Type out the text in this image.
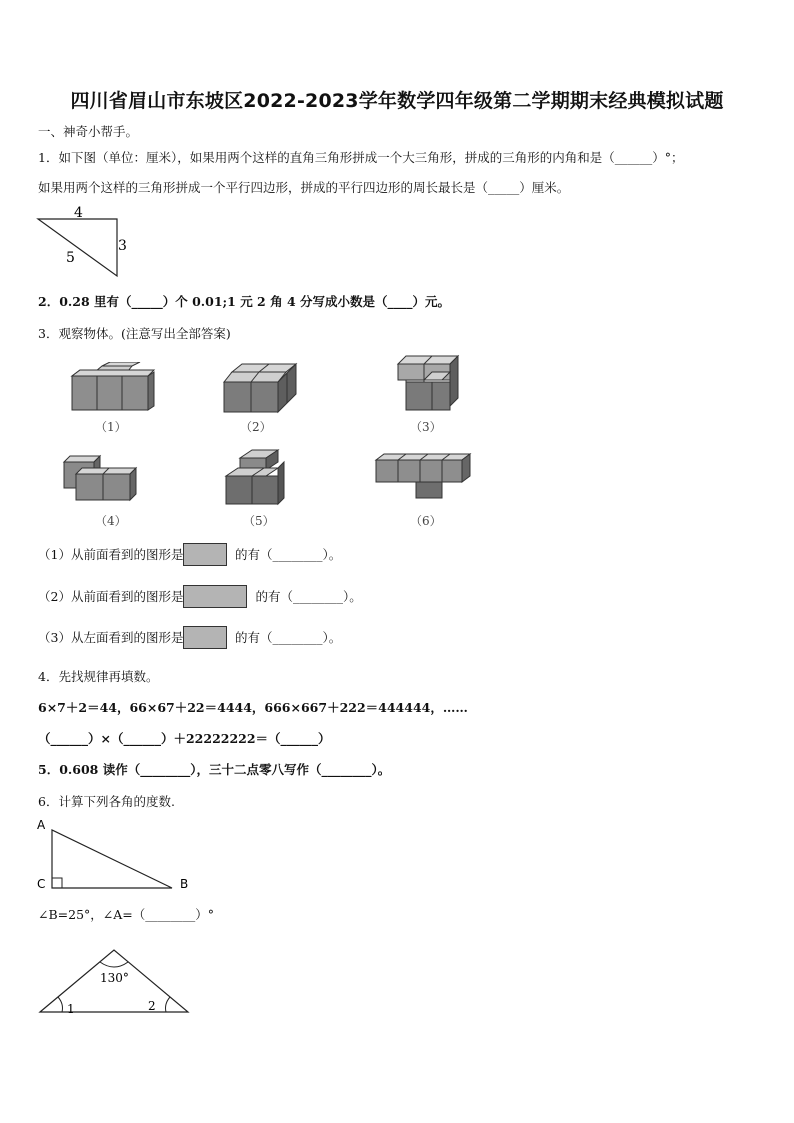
四川省眉山市东坡区2022-2023学年数学四年级第二学期期末经典模拟试题
一、神奇小帮手。
1．如下图（单位：厘米），如果用两个这样的直角三角形拼成一个大三角形，拼成的三角形的内角和是（______）°；
如果用两个这样的三角形拼成一个平行四边形，拼成的平行四边形的周长最长是（_____）厘米。
4
3
5
2．0.28 里有（_____）个 0.01;1 元 2 角 4 分写成小数是（____）元。
3．观察物体。(注意写出全部答案)
（1）	（2）	（3）
（4）	（5）	（6）
（1）从前面看到的图形是	的有（________）。
（2）从前面看到的图形是	的有（________）。
（3）从左面看到的图形是	的有（________）。
4．先找规律再填数。
6×7＋2＝44，66×67＋22＝4444，666×667＋222＝444444，……
（______）×（______）＋22222222＝（______）
5．0.608 读作（________），三十二点零八写作（________）。
6．计算下列各角的度数.
A
C	B
∠B=25°，∠A=（________）°
130°
1	2
